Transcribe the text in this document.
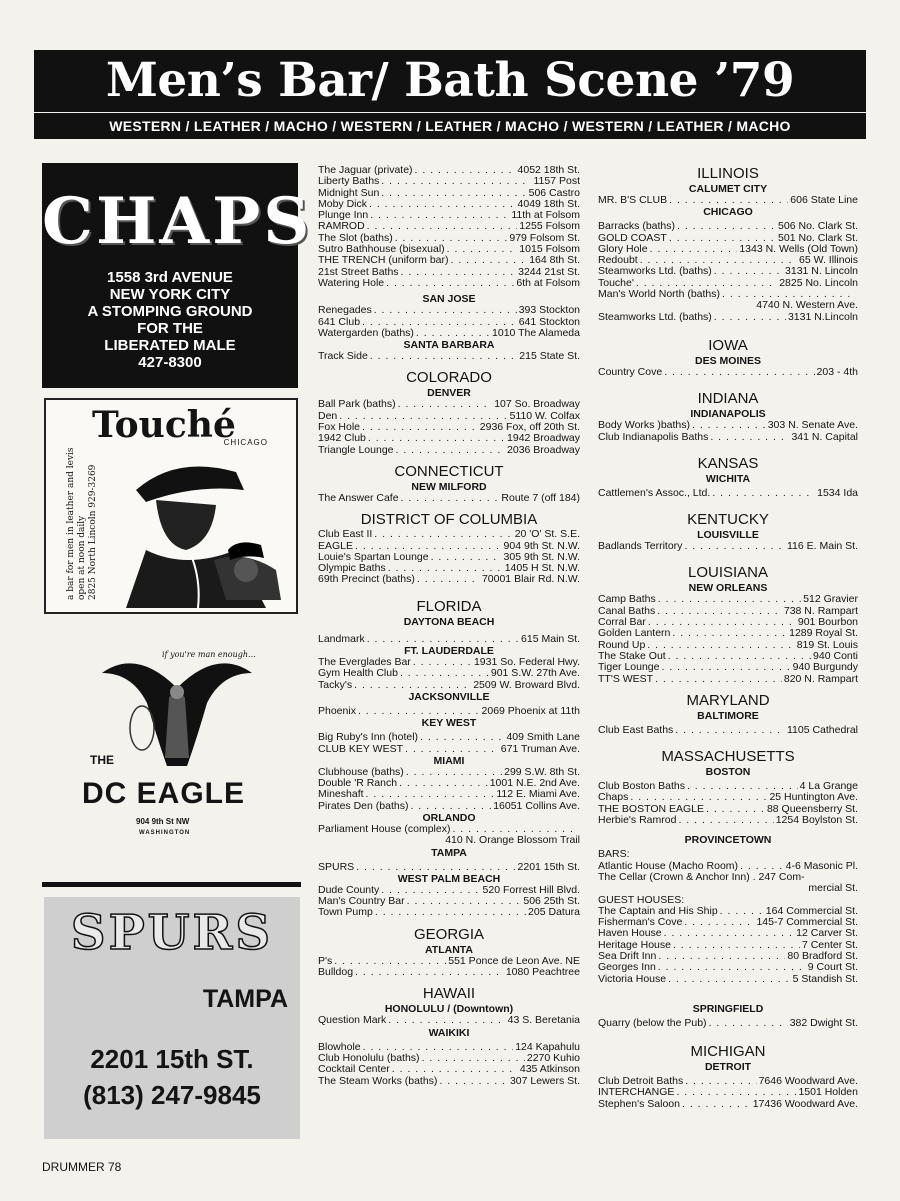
Men’s Bar/ Bath Scene ’79
WESTERN / LEATHER / MACHO / WESTERN / LEATHER / MACHO / WESTERN / LEATHER / MACHO
CHAPS
1558 3rd AVENUE
NEW YORK CITY
A STOMPING GROUND
FOR THE
LIBERATED MALE
427-8300
Touché
CHICAGO
a bar for men in leather and levis open at noon daily 2825 North Lincoln 929-3269
if you're man enough...
THE
DC EAGLE
904 9th St NW
WASHINGTON
SPURS
TAMPA
2201 15th ST.
(813) 247-9845
The Jaguar (private) . . .	4052 18th St.
Liberty Baths . . .	1157 Post
Midnight Sun . . .	506 Castro
Moby Dick . . .	4049 18th St.
Plunge Inn . . .	11th at Folsom
RAMROD . . .	1255 Folsom
The Slot (baths) . . .	979 Folsom St.
Sutro Bathhouse (bisexual) . . .	1015 Folsom
THE TRENCH (uniform bar) . . .	164 8th St.
21st Street Baths . . .	3244 21st St.
Watering Hole . . .	6th at Folsom
SAN JOSE
Renegades . . .	393 Stockton
641 Club . . .	641 Stockton
Watergarden (baths) . . .	1010 The Alameda
SANTA BARBARA
Track Side . . .	215 State St.
COLORADO
DENVER
Ball Park (baths) . . .	107 So. Broadway
Den . . .	5110 W. Colfax
Fox Hole . . .	2936 Fox, off 20th St.
1942 Club . . .	1942 Broadway
Triangle Lounge . . .	2036 Broadway
CONNECTICUT
NEW MILFORD
The Answer Cafe . . .	Route 7 (off 184)
DISTRICT OF COLUMBIA
Club East II . . .	20 'O' St. S.E.
EAGLE . . .	904 9th St. N.W.
Louie's Spartan Lounge . . .	305 9th St. N.W.
Olympic Baths . . .	1405 H St. N.W.
69th Precinct (baths) . . .	70001 Blair Rd. N.W.
FLORIDA
DAYTONA BEACH
Landmark . . .	615 Main St.
FT. LAUDERDALE
The Everglades Bar . . .	1931 So. Federal Hwy.
Gym Health Club . . .	901 S.W. 27th Ave.
Tacky's . . .	2509 W. Broward Blvd.
JACKSONVILLE
Phoenix . . .	2069 Phoenix at 11th
KEY WEST
Big Ruby's Inn (hotel) . . .	409 Smith Lane
CLUB KEY WEST . . .	671 Truman Ave.
MIAMI
Clubhouse (baths) . . .	299 S.W. 8th St.
Double 'R Ranch . . .	1001 N.E. 2nd Ave.
Mineshaft . . .	112 E. Miami Ave.
Pirates Den (baths) . . .	16051 Collins Ave.
ORLANDO
Parliament House (complex)
. . .
410 N. Orange Blossom Trail
TAMPA
SPURS . . .	2201 15th St.
WEST PALM BEACH
Dude County . . .	520 Forrest Hill Blvd.
Man's Country Bar . . .	506 25th St.
Town Pump . . .	205 Datura
GEORGIA
ATLANTA
P's . . .	551 Ponce de Leon Ave. NE
Bulldog . . .	1080 Peachtree
HAWAII
HONOLULU / (Downtown)
Question Mark . . .	43 S. Beretania
WAIKIKI
Blowhole . . .	124 Kapahulu
Club Honolulu (baths) . . .	2270 Kuhio
Cocktail Center . . .	435 Atkinson
The Steam Works (baths) . . .	307 Lewers St.
ILLINOIS
CALUMET CITY
MR. B'S CLUB . . .	606 State Line
CHICAGO
Barracks (baths) . . .	506 No. Clark St.
GOLD COAST . . .	501 No. Clark St.
Glory Hole . . .	1343 N. Wells (Old Town)
Redoubt . . .	65 W. Illinois
Steamworks Ltd. (baths) . . .	3131 N. Lincoln
Touche' . . .	2825 No. Lincoln
Man's World North (baths)
. . .
4740 N. Western Ave.
Steamworks Ltd. (baths) . . .	3131 N.Lincoln
IOWA
DES MOINES
Country Cove . . .	203 - 4th
INDIANA
INDIANAPOLIS
Body Works )baths) . . .	303 N. Senate Ave.
Club Indianapolis Baths . . .	341 N. Capital
KANSAS
WICHITA
Cattlemen's Assoc., Ltd. . . .	1534 Ida
KENTUCKY
LOUISVILLE
Badlands Territory . . .	116 E. Main St.
LOUISIANA
NEW ORLEANS
Camp Baths . . .	512 Gravier
Canal Baths . . .	738 N. Rampart
Corral Bar . . .	901 Bourbon
Golden Lantern . . .	1289 Royal St.
Round Up . . .	819 St. Louis
The Stake Out . . .	940 Conti
Tiger Lounge . . .	940 Burgundy
TT'S WEST . . .	820 N. Rampart
MARYLAND
BALTIMORE
Club East Baths . . .	1105 Cathedral
MASSACHUSETTS
BOSTON
Club Boston Baths . . .	4 La Grange
Chaps . . .	25 Huntington Ave.
THE BOSTON EAGLE . . .	88 Queensberry St.
Herbie's Ramrod . . .	1254 Boylston St.
PROVINCETOWN
BARS:
Atlantic House (Macho Room) . . .	4-6 Masonic Pl.
The Cellar (Crown & Anchor Inn) . 247 Com-
mercial St.
GUEST HOUSES:
The Captain and His Ship . . .	164 Commercial St.
Fisherman's Cove . . .	145-7 Commercial St.
Haven House . . .	12 Carver St.
Heritage House . . .	7 Center St.
Sea Drift Inn . . .	80 Bradford St.
Georges Inn . . .	9 Court St.
Victoria House . . .	5 Standish St.
SPRINGFIELD
Quarry (below the Pub) . . .	382 Dwight St.
MICHIGAN
DETROIT
Club Detroit Baths . . .	7646 Woodward Ave.
INTERCHANGE . . .	1501 Holden
Stephen's Saloon . . .	17436 Woodward Ave.
DRUMMER 78
